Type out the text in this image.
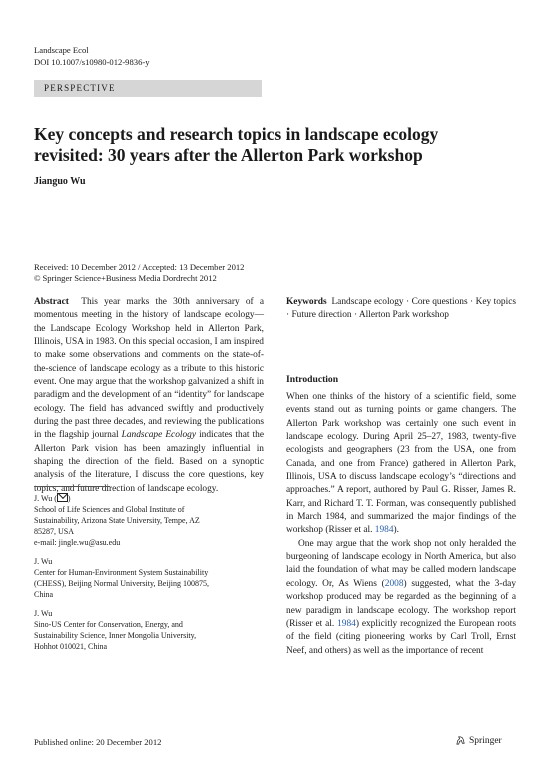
Landscape Ecol
DOI 10.1007/s10980-012-9836-y
PERSPECTIVE
Key concepts and research topics in landscape ecology revisited: 30 years after the Allerton Park workshop
Jianguo Wu
Received: 10 December 2012 / Accepted: 13 December 2012
© Springer Science+Business Media Dordrecht 2012
Abstract This year marks the 30th anniversary of a momentous meeting in the history of landscape ecology—the Landscape Ecology Workshop held in Allerton Park, Illinois, USA in 1983. On this special occasion, I am inspired to make some observations and comments on the state-of-the-science of landscape ecology as a tribute to this historic event. One may argue that the workshop galvanized a shift in paradigm and the development of an “identity” for landscape ecology. The field has advanced swiftly and productively during the past three decades, and reviewing the publications in the flagship journal Landscape Ecology indicates that the Allerton Park vision has been amazingly influential in shaping the direction of the field. Based on a synoptic analysis of the literature, I discuss the core questions, key topics, and future direction of landscape ecology.
Keywords Landscape ecology · Core questions · Key topics · Future direction · Allerton Park workshop
Introduction
When one thinks of the history of a scientific field, some events stand out as turning points or game changers. The Allerton Park workshop was certainly one such event in landscape ecology. During April 25–27, 1983, twenty-five ecologists and geographers (23 from the USA, one from Canada, and one from France) gathered in Allerton Park, Illinois, USA to discuss landscape ecology’s “directions and approaches.” A report, authored by Paul G. Risser, James R. Karr, and Richard T. T. Forman, was consequently published in March 1984, and summarized the major findings of the workshop (Risser et al. 1984).
One may argue that the work shop not only heralded the burgeoning of landscape ecology in North America, but also laid the foundation of what may be called modern landscape ecology. Or, As Wiens (2008) suggested, what the 3-day workshop produced may be regarded as the beginning of a new paradigm in landscape ecology. The workshop report (Risser et al. 1984) explicitly recognized the European roots of the field (citing pioneering works by Carl Troll, Ernst Neef, and others) as well as the importance of recent
J. Wu ( )
School of Life Sciences and Global Institute of
Sustainability, Arizona State University, Tempe, AZ
85287, USA
e-mail: jingle.wu@asu.edu
J. Wu
Center for Human-Environment System Sustainability
(CHESS), Beijing Normal University, Beijing 100875,
China
J. Wu
Sino-US Center for Conservation, Energy, and
Sustainability Science, Inner Mongolia University,
Hohhot 010021, China
Published online: 20 December 2012	Springer
